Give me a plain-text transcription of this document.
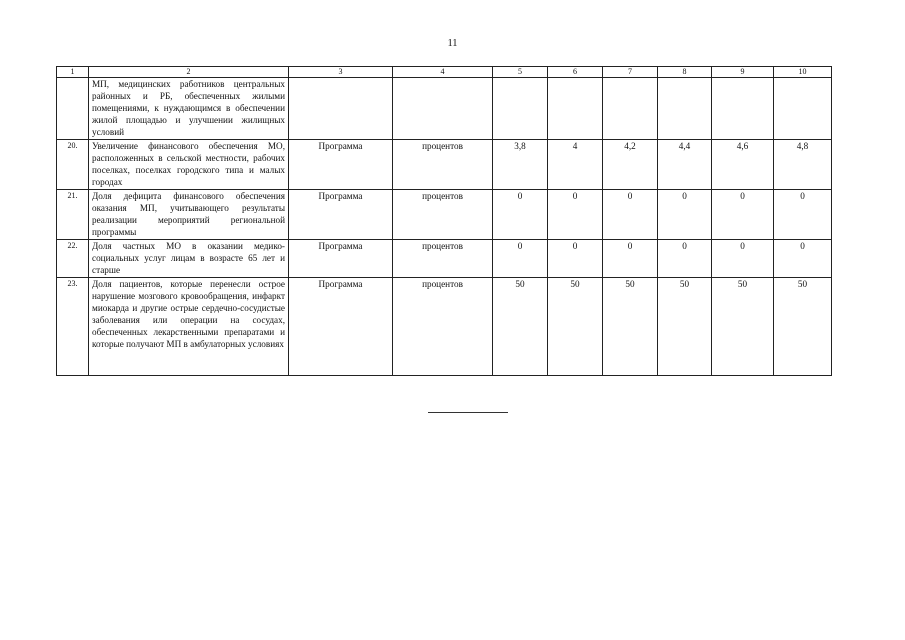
11
1	2	3	4	5	6	7	8	9	10
	МП, медицинских работников центральных районных и РБ, обеспеченных жилыми помещениями, к нуждающимся в обеспечении жилой площадью и улучшении жилищных условий								
20.	Увеличение финансового обеспечения МО, расположенных в сельской местности, рабочих поселках, поселках городского типа и малых городах	Программа	процентов	3,8	4	4,2	4,4	4,6	4,8
21.	Доля дефицита финансового обеспечения оказания МП, учитывающего результаты реализации мероприятий региональной программы	Программа	процентов	0	0	0	0	0	0
22.	Доля частных МО в оказании медико-социальных услуг лицам в возрасте 65 лет и старше	Программа	процентов	0	0	0	0	0	0
23.	Доля пациентов, которые перенесли острое нарушение мозгового кровообращения, инфаркт миокарда и другие острые сердечно-сосудистые заболевания или операции на сосудах, обеспеченных лекарственными препаратами и которые получают МП в амбулаторных условиях	Программа	процентов	50	50	50	50	50	50
